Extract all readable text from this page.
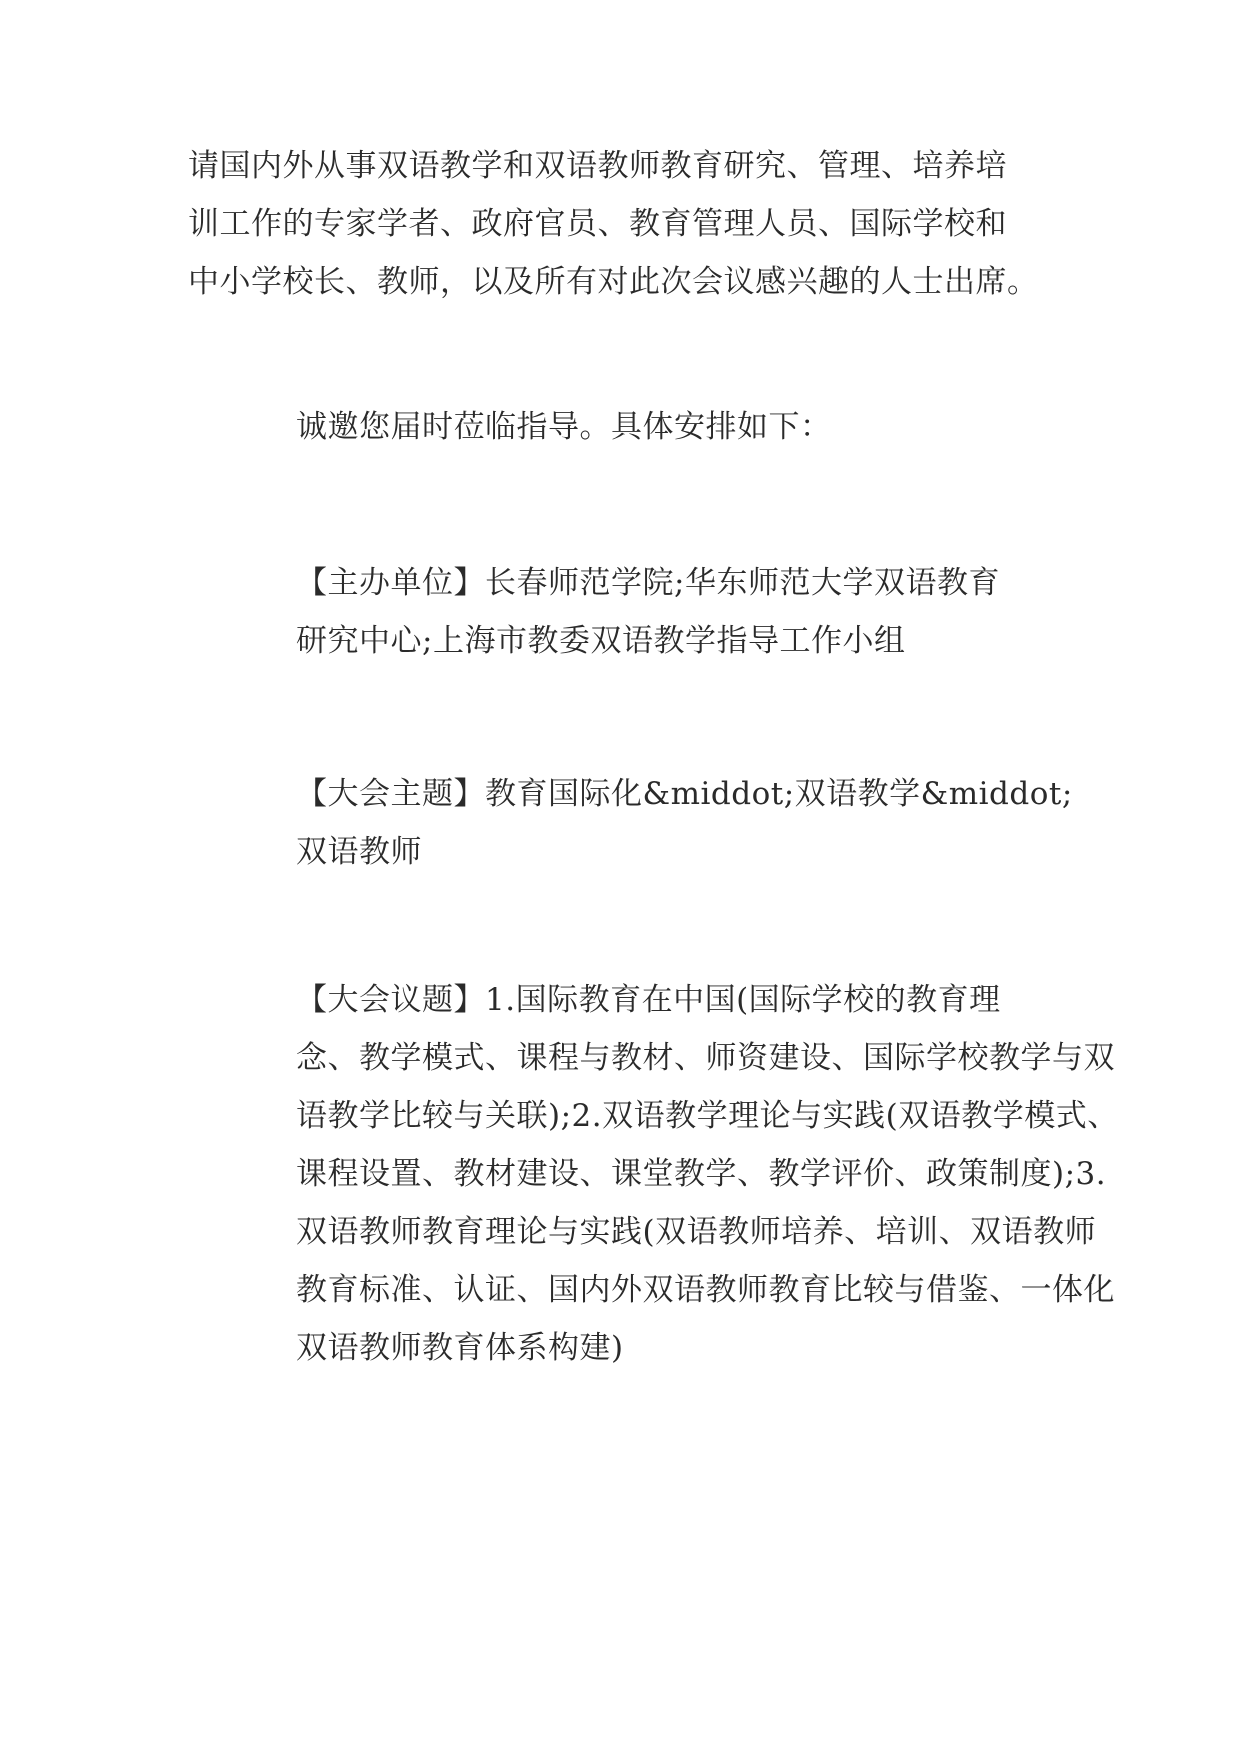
请国内外从事双语教学和双语教师教育研究、管理、培养培
训工作的专家学者、政府官员、教育管理人员、国际学校和
中小学校长、教师，以及所有对此次会议感兴趣的人士出席。

诚邀您届时莅临指导。具体安排如下：

【主办单位】长春师范学院;华东师范大学双语教育
研究中心;上海市教委双语教学指导工作小组

【大会主题】教育国际化&middot;双语教学&middot;
双语教师

【大会议题】1.国际教育在中国(国际学校的教育理
念、教学模式、课程与教材、师资建设、国际学校教学与双
语教学比较与关联);2.双语教学理论与实践(双语教学模式、
课程设置、教材建设、课堂教学、教学评价、政策制度);3.
双语教师教育理论与实践(双语教师培养、培训、双语教师
教育标准、认证、国内外双语教师教育比较与借鉴、一体化
双语教师教育体系构建)
